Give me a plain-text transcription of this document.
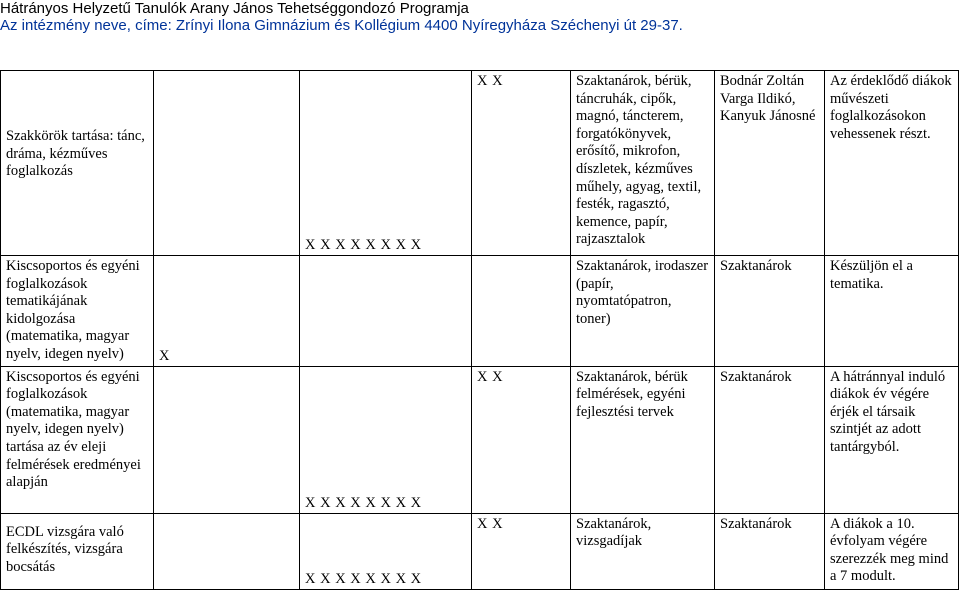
Hátrányos Helyzetű Tanulók Arany János Tehetséggondozó Programja
Az intézmény neve, címe: Zrínyi Ilona Gimnázium és Kollégium 4400 Nyíregyháza Széchenyi út 29-37.
Szakkörök tartása: tánc, dráma, kézműves foglalkozás		X X X X X X X X	X X	Szaktanárok, bérük, táncruhák, cipők, magnó, táncterem, forgatókönyvek, erősítő, mikrofon, díszletek, kézműves műhely, agyag, textil, festék, ragasztó, kemence, papír, rajzasztalok	Bodnár Zoltán Varga Ildikó, Kanyuk Jánosné	Az érdeklődő diákok művészeti foglalkozásokon vehessenek részt.
Kiscsoportos és egyéni foglalkozások tematikájának kidolgozása (matematika, magyar nyelv, idegen nyelv)	X			Szaktanárok, irodaszer (papír, nyomtatópatron, toner)	Szaktanárok	Készüljön el a tematika.
Kiscsoportos és egyéni foglalkozások (matematika, magyar nyelv, idegen nyelv) tartása az év eleji felmérések eredményei alapján		X X X X X X X X	X X	Szaktanárok, bérük felmérések, egyéni fejlesztési tervek	Szaktanárok	A hátránnyal induló diákok év végére érjék el társaik szintjét az adott tantárgyból.
ECDL vizsgára való felkészítés, vizsgára bocsátás		X X X X X X X X	X X	Szaktanárok, vizsgadíjak	Szaktanárok	A diákok a 10. évfolyam végére szerezzék meg mind a 7 modult.
